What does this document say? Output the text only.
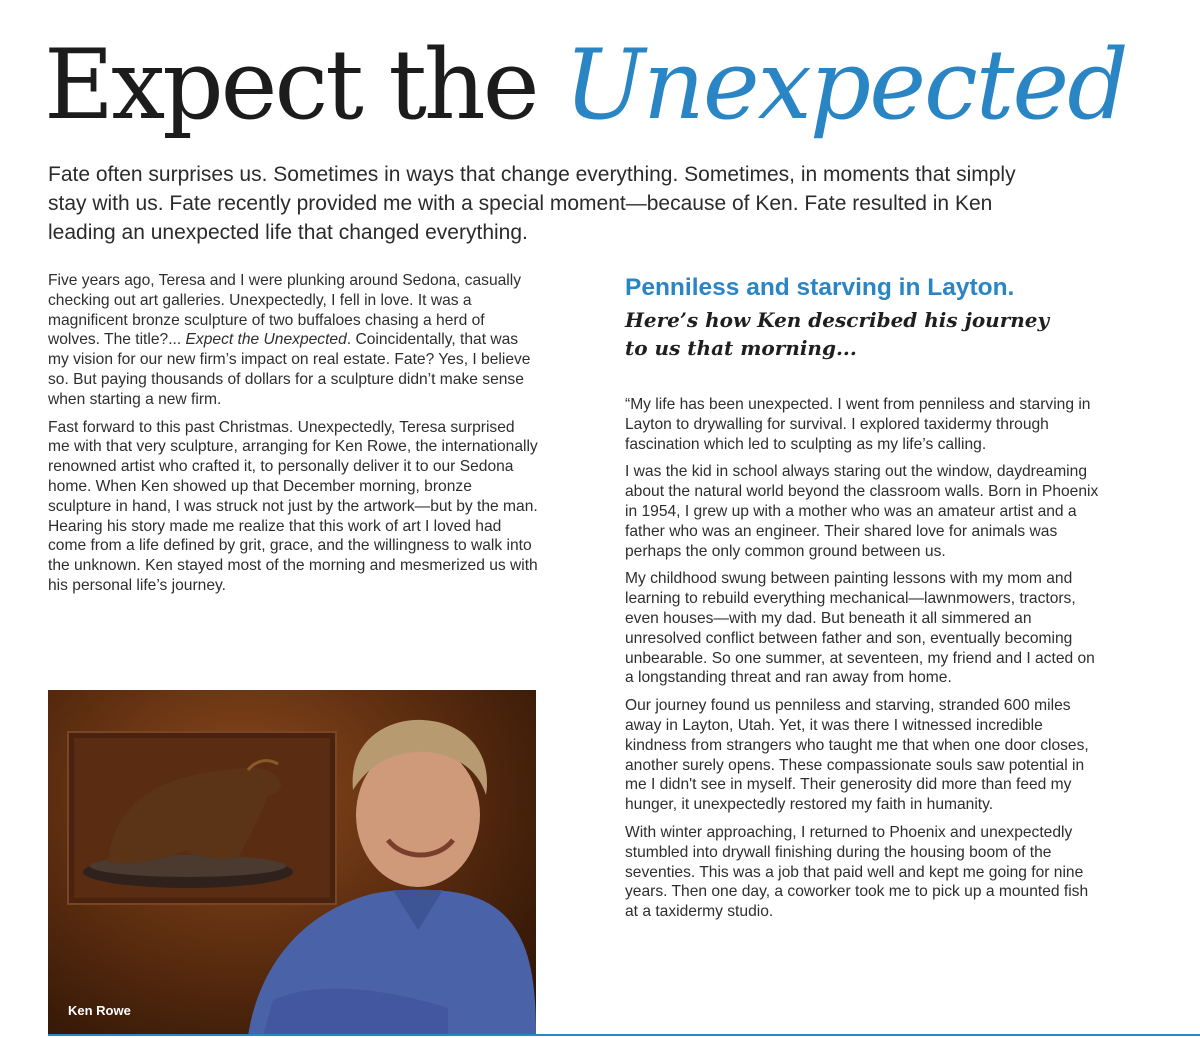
Expect the Unexpected

Fate often surprises us. Sometimes in ways that change everything. Sometimes, in moments that simply stay with us. Fate recently provided me with a special moment—because of Ken. Fate resulted in Ken leading an unexpected life that changed everything.

Five years ago, Teresa and I were plunking around Sedona, casually checking out art galleries. Unexpectedly, I fell in love. It was a magnificent bronze sculpture of two buffaloes chasing a herd of wolves. The title?... Expect the Unexpected. Coincidentally, that was my vision for our new firm’s impact on real estate. Fate? Yes, I believe so. But paying thousands of dollars for a sculpture didn’t make sense when starting a new firm.

Fast forward to this past Christmas. Unexpectedly, Teresa surprised me with that very sculpture, arranging for Ken Rowe, the internationally renowned artist who crafted it, to personally deliver it to our Sedona home. When Ken showed up that December morning, bronze sculpture in hand, I was struck not just by the artwork—but by the man. Hearing his story made me realize that this work of art I loved had come from a life defined by grit, grace, and the willingness to walk into the unknown. Ken stayed most of the morning and mesmerized us with his personal life’s journey.

Ken Rowe
Penniless and starving in Layton.
Here’s how Ken described his journey to us that morning...

“My life has been unexpected. I went from penniless and starving in Layton to drywalling for survival. I explored taxidermy through fascination which led to sculpting as my life’s calling.

I was the kid in school always staring out the window, daydreaming about the natural world beyond the classroom walls. Born in Phoenix in 1954, I grew up with a mother who was an amateur artist and a father who was an engineer. Their shared love for animals was perhaps the only common ground between us.

My childhood swung between painting lessons with my mom and learning to rebuild everything mechanical—lawnmowers, tractors, even houses—with my dad. But beneath it all simmered an unresolved conflict between father and son, eventually becoming unbearable. So one summer, at seventeen, my friend and I acted on a longstanding threat and ran away from home.

Our journey found us penniless and starving, stranded 600 miles away in Layton, Utah. Yet, it was there I witnessed incredible kindness from strangers who taught me that when one door closes, another surely opens. These compassionate souls saw potential in me I didn't see in myself. Their generosity did more than feed my hunger, it unexpectedly restored my faith in humanity.

With winter approaching, I returned to Phoenix and unexpectedly stumbled into drywall finishing during the housing boom of the seventies. This was a job that paid well and kept me going for nine years. Then one day, a coworker took me to pick up a mounted fish at a taxidermy studio.
